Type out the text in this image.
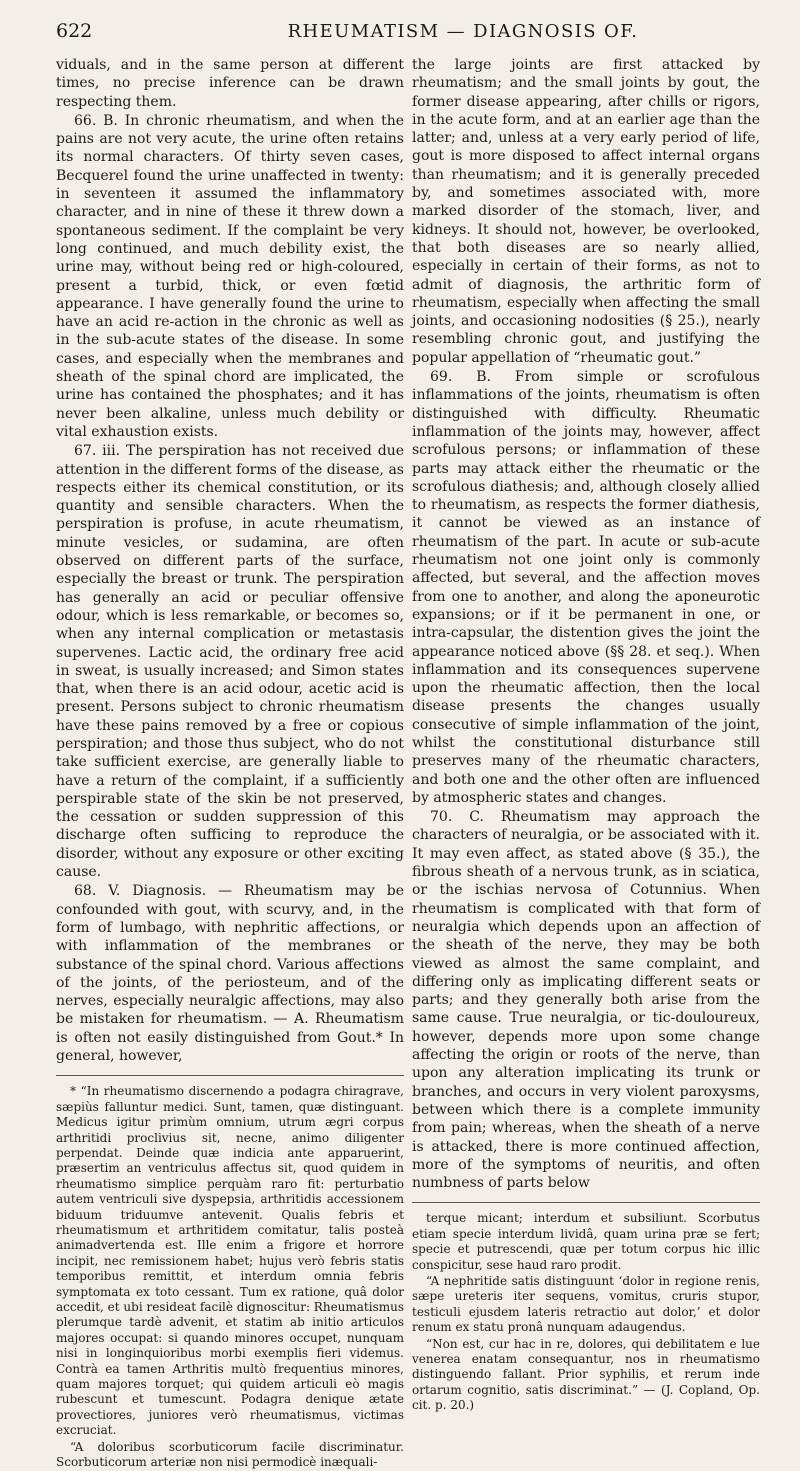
622	RHEUMATISM — DIAGNOSIS OF.

viduals, and in the same person at different times, no precise inference can be drawn respecting them.

66. B. In chronic rheumatism, and when the pains are not very acute, the urine often retains its normal characters. Of thirty seven cases, Becquerel found the urine unaffected in twenty: in seventeen it assumed the inflammatory character, and in nine of these it threw down a spontaneous sediment. If the complaint be very long continued, and much debility exist, the urine may, without being red or high-coloured, present a turbid, thick, or even fœtid appearance. I have generally found the urine to have an acid re-action in the chronic as well as in the sub-acute states of the disease. In some cases, and especially when the membranes and sheath of the spinal chord are implicated, the urine has contained the phosphates; and it has never been alkaline, unless much debility or vital exhaustion exists.

67. iii. The perspiration has not received due attention in the different forms of the disease, as respects either its chemical constitution, or its quantity and sensible characters. When the perspiration is profuse, in acute rheumatism, minute vesicles, or sudamina, are often observed on different parts of the surface, especially the breast or trunk. The perspiration has generally an acid or peculiar offensive odour, which is less remarkable, or becomes so, when any internal complication or metastasis supervenes. Lactic acid, the ordinary free acid in sweat, is usually increased; and Simon states that, when there is an acid odour, acetic acid is present. Persons subject to chronic rheumatism have these pains removed by a free or copious perspiration; and those thus subject, who do not take sufficient exercise, are generally liable to have a return of the complaint, if a sufficiently perspirable state of the skin be not preserved, the cessation or sudden suppression of this discharge often sufficing to reproduce the disorder, without any exposure or other exciting cause.

68. V. Diagnosis. — Rheumatism may be confounded with gout, with scurvy, and, in the form of lumbago, with nephritic affections, or with inflammation of the membranes or substance of the spinal chord. Various affections of the joints, of the periosteum, and of the nerves, especially neuralgic affections, may also be mistaken for rheumatism. — A. Rheumatism is often not easily distinguished from Gout.* In general, however,

* “In rheumatismo discernendo a podagra chiragrave, sæpiùs falluntur medici. Sunt, tamen, quæ distinguant. Medicus igitur primùm omnium, utrum ægri corpus arthritidi proclivius sit, necne, animo diligenter perpendat. Deinde quæ indicia ante apparuerint, præsertim an ventriculus affectus sit, quod quidem in rheumatismo simplice perquàm raro fit: perturbatio autem ventriculi sive dyspepsia, arthritidis accessionem biduum triduumve antevenit. Qualis febris et rheumatismum et arthritidem comitatur, talis posteà animadvertenda est. Ille enim a frigore et horrore incipit, nec remissionem habet; hujus verò febris statis temporibus remittit, et interdum omnia febris symptomata ex toto cessant. Tum ex ratione, quâ dolor accedit, et ubi resideat facilè dignoscitur: Rheumatismus plerumque tardè advenit, et statim ab initio articulos majores occupat: si quando minores occupet, nunquam nisi in longinquioribus morbi exemplis fieri videmus. Contrà ea tamen Arthritis multò frequentius minores, quam majores torquet; qui quidem articuli eò magis rubescunt et tumescunt. Podagra denique ætate provectiores, juniores verò rheumatismus, victimas excruciat.

“A doloribus scorbuticorum facile discriminatur. Scorbuticorum arteriæ non nisi permodicè inæquali-

the large joints are first attacked by rheumatism; and the small joints by gout, the former disease appearing, after chills or rigors, in the acute form, and at an earlier age than the latter; and, unless at a very early period of life, gout is more disposed to affect internal organs than rheumatism; and it is generally preceded by, and sometimes associated with, more marked disorder of the stomach, liver, and kidneys. It should not, however, be overlooked, that both diseases are so nearly allied, especially in certain of their forms, as not to admit of diagnosis, the arthritic form of rheumatism, especially when affecting the small joints, and occasioning nodosities (§ 25.), nearly resembling chronic gout, and justifying the popular appellation of “rheumatic gout.”

69. B. From simple or scrofulous inflammations of the joints, rheumatism is often distinguished with difficulty. Rheumatic inflammation of the joints may, however, affect scrofulous persons; or inflammation of these parts may attack either the rheumatic or the scrofulous diathesis; and, although closely allied to rheumatism, as respects the former diathesis, it cannot be viewed as an instance of rheumatism of the part. In acute or sub-acute rheumatism not one joint only is commonly affected, but several, and the affection moves from one to another, and along the aponeurotic expansions; or if it be permanent in one, or intra-capsular, the distention gives the joint the appearance noticed above (§§ 28. et seq.). When inflammation and its consequences supervene upon the rheumatic affection, then the local disease presents the changes usually consecutive of simple inflammation of the joint, whilst the constitutional disturbance still preserves many of the rheumatic characters, and both one and the other often are influenced by atmospheric states and changes.

70. C. Rheumatism may approach the characters of neuralgia, or be associated with it. It may even affect, as stated above (§ 35.), the fibrous sheath of a nervous trunk, as in sciatica, or the ischias nervosa of Cotunnius. When rheumatism is complicated with that form of neuralgia which depends upon an affection of the sheath of the nerve, they may be both viewed as almost the same complaint, and differing only as implicating different seats or parts; and they generally both arise from the same cause. True neuralgia, or tic-douloureux, however, depends more upon some change affecting the origin or roots of the nerve, than upon any alteration implicating its trunk or branches, and occurs in very violent paroxysms, between which there is a complete immunity from pain; whereas, when the sheath of a nerve is attacked, there is more continued affection, more of the symptoms of neuritis, and often numbness of parts below

terque micant; interdum et subsiliunt. Scorbutus etiam specie interdum lividâ, quam urina præ se fert; specie et putrescendi, quæ per totum corpus hic illic conspicitur, sese haud raro prodit.

“A nephritide satis distinguunt ‘dolor in regione renis, sæpe ureteris iter sequens, vomitus, cruris stupor, testiculi ejusdem lateris retractio aut dolor,’ et dolor renum ex statu pronâ nunquam adaugendus.

“Non est, cur hac in re, dolores, qui debilitatem e lue venerea enatam consequantur, nos in rheumatismo distinguendo fallant. Prior syphilis, et rerum inde ortarum cognitio, satis discriminat.” — (J. Copland, Op. cit. p. 20.)
